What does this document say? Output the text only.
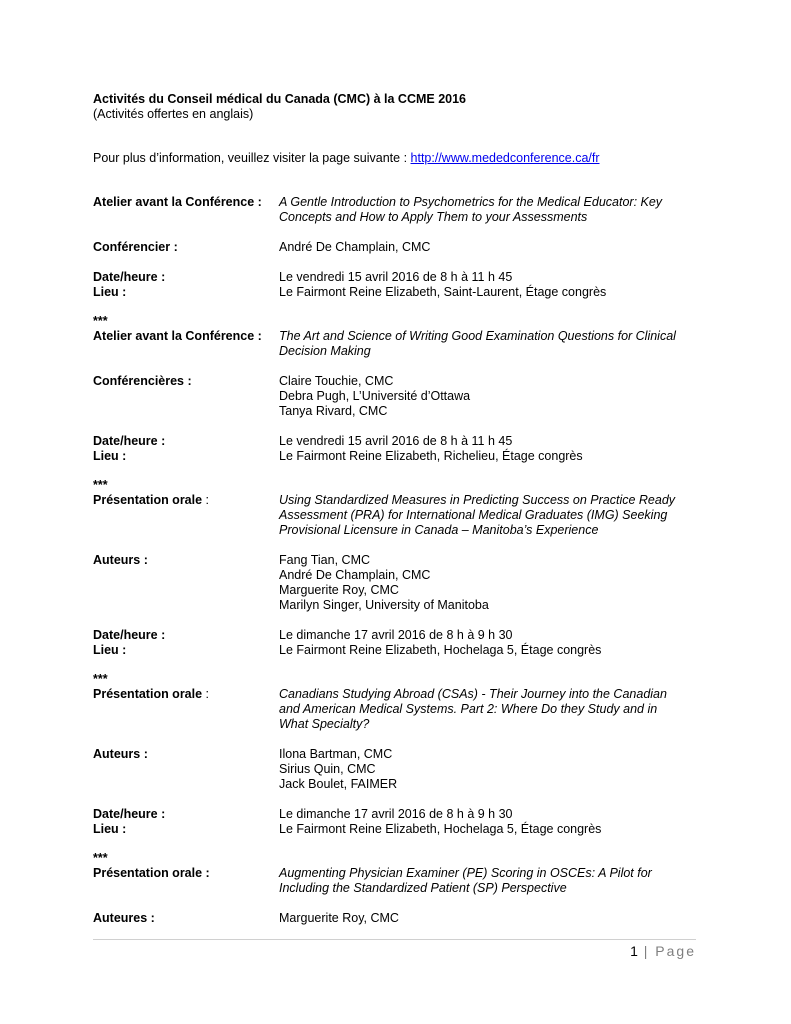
Activités du Conseil médical du Canada (CMC) à la CCME 2016
(Activités offertes en anglais)
Pour plus d’information, veuillez visiter la page suivante : http://www.mededconference.ca/fr
Atelier avant la Conférence :	A Gentle Introduction to Psychometrics for the Medical Educator: Key
Concepts and How to Apply Them to your Assessments
Conférencier :	André De Champlain, CMC
Date/heure :	Le vendredi 15 avril 2016 de 8 h à 11 h 45
Lieu :	Le Fairmont Reine Elizabeth, Saint-Laurent, Étage congrès
***
Atelier avant la Conférence :	The Art and Science of Writing Good Examination Questions for Clinical
Decision Making
Conférencières :	Claire Touchie, CMC
Debra Pugh, L’Université d’Ottawa
Tanya Rivard, CMC
Date/heure :	Le vendredi 15 avril 2016 de 8 h à 11 h 45
Lieu :	Le Fairmont Reine Elizabeth, Richelieu, Étage congrès
***
Présentation orale :	Using Standardized Measures in Predicting Success on Practice Ready
Assessment (PRA) for International Medical Graduates (IMG) Seeking
Provisional Licensure in Canada – Manitoba’s Experience
Auteurs :	Fang Tian, CMC
André De Champlain, CMC
Marguerite Roy, CMC
Marilyn Singer, University of Manitoba
Date/heure :	Le dimanche 17 avril 2016 de 8 h à 9 h 30
Lieu :	Le Fairmont Reine Elizabeth, Hochelaga 5, Étage congrès
***
Présentation orale :	Canadians Studying Abroad (CSAs) - Their Journey into the Canadian
and American Medical Systems. Part 2: Where Do they Study and in
What Specialty?
Auteurs :	Ilona Bartman, CMC
Sirius Quin, CMC
Jack Boulet, FAIMER
Date/heure :	Le dimanche 17 avril 2016 de 8 h à 9 h 30
Lieu :	Le Fairmont Reine Elizabeth, Hochelaga 5, Étage congrès
***
Présentation orale :	Augmenting Physician Examiner (PE) Scoring in OSCEs: A Pilot for
Including the Standardized Patient (SP) Perspective
Auteures :	Marguerite Roy, CMC
1 | Page
